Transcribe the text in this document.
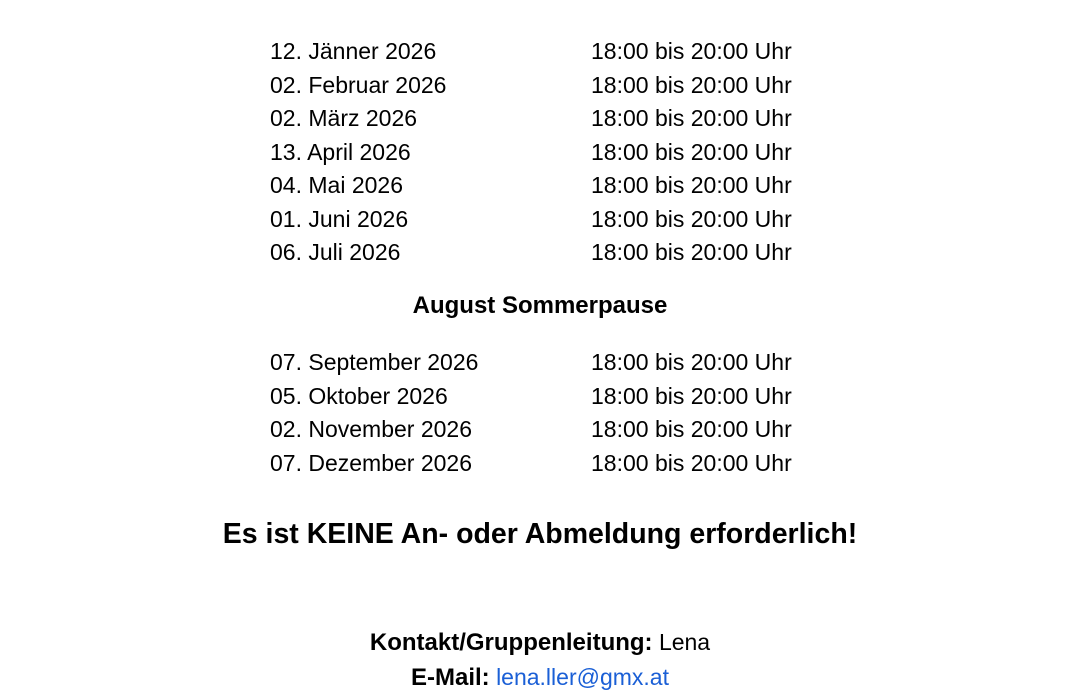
12. Jänner 2026	18:00 bis 20:00 Uhr
02. Februar 2026	18:00 bis 20:00 Uhr
02. März 2026	18:00 bis 20:00 Uhr
13. April 2026	18:00 bis 20:00 Uhr
04. Mai 2026	18:00 bis 20:00 Uhr
01. Juni 2026	18:00 bis 20:00 Uhr
06. Juli 2026	18:00 bis 20:00 Uhr
August Sommerpause
07. September 2026	18:00 bis 20:00 Uhr
05. Oktober 2026	18:00 bis 20:00 Uhr
02. November 2026	18:00 bis 20:00 Uhr
07. Dezember 2026	18:00 bis 20:00 Uhr
Es ist KEINE An- oder Abmeldung erforderlich!
Kontakt/Gruppenleitung: Lena
E-Mail: lena.ller@gmx.at
